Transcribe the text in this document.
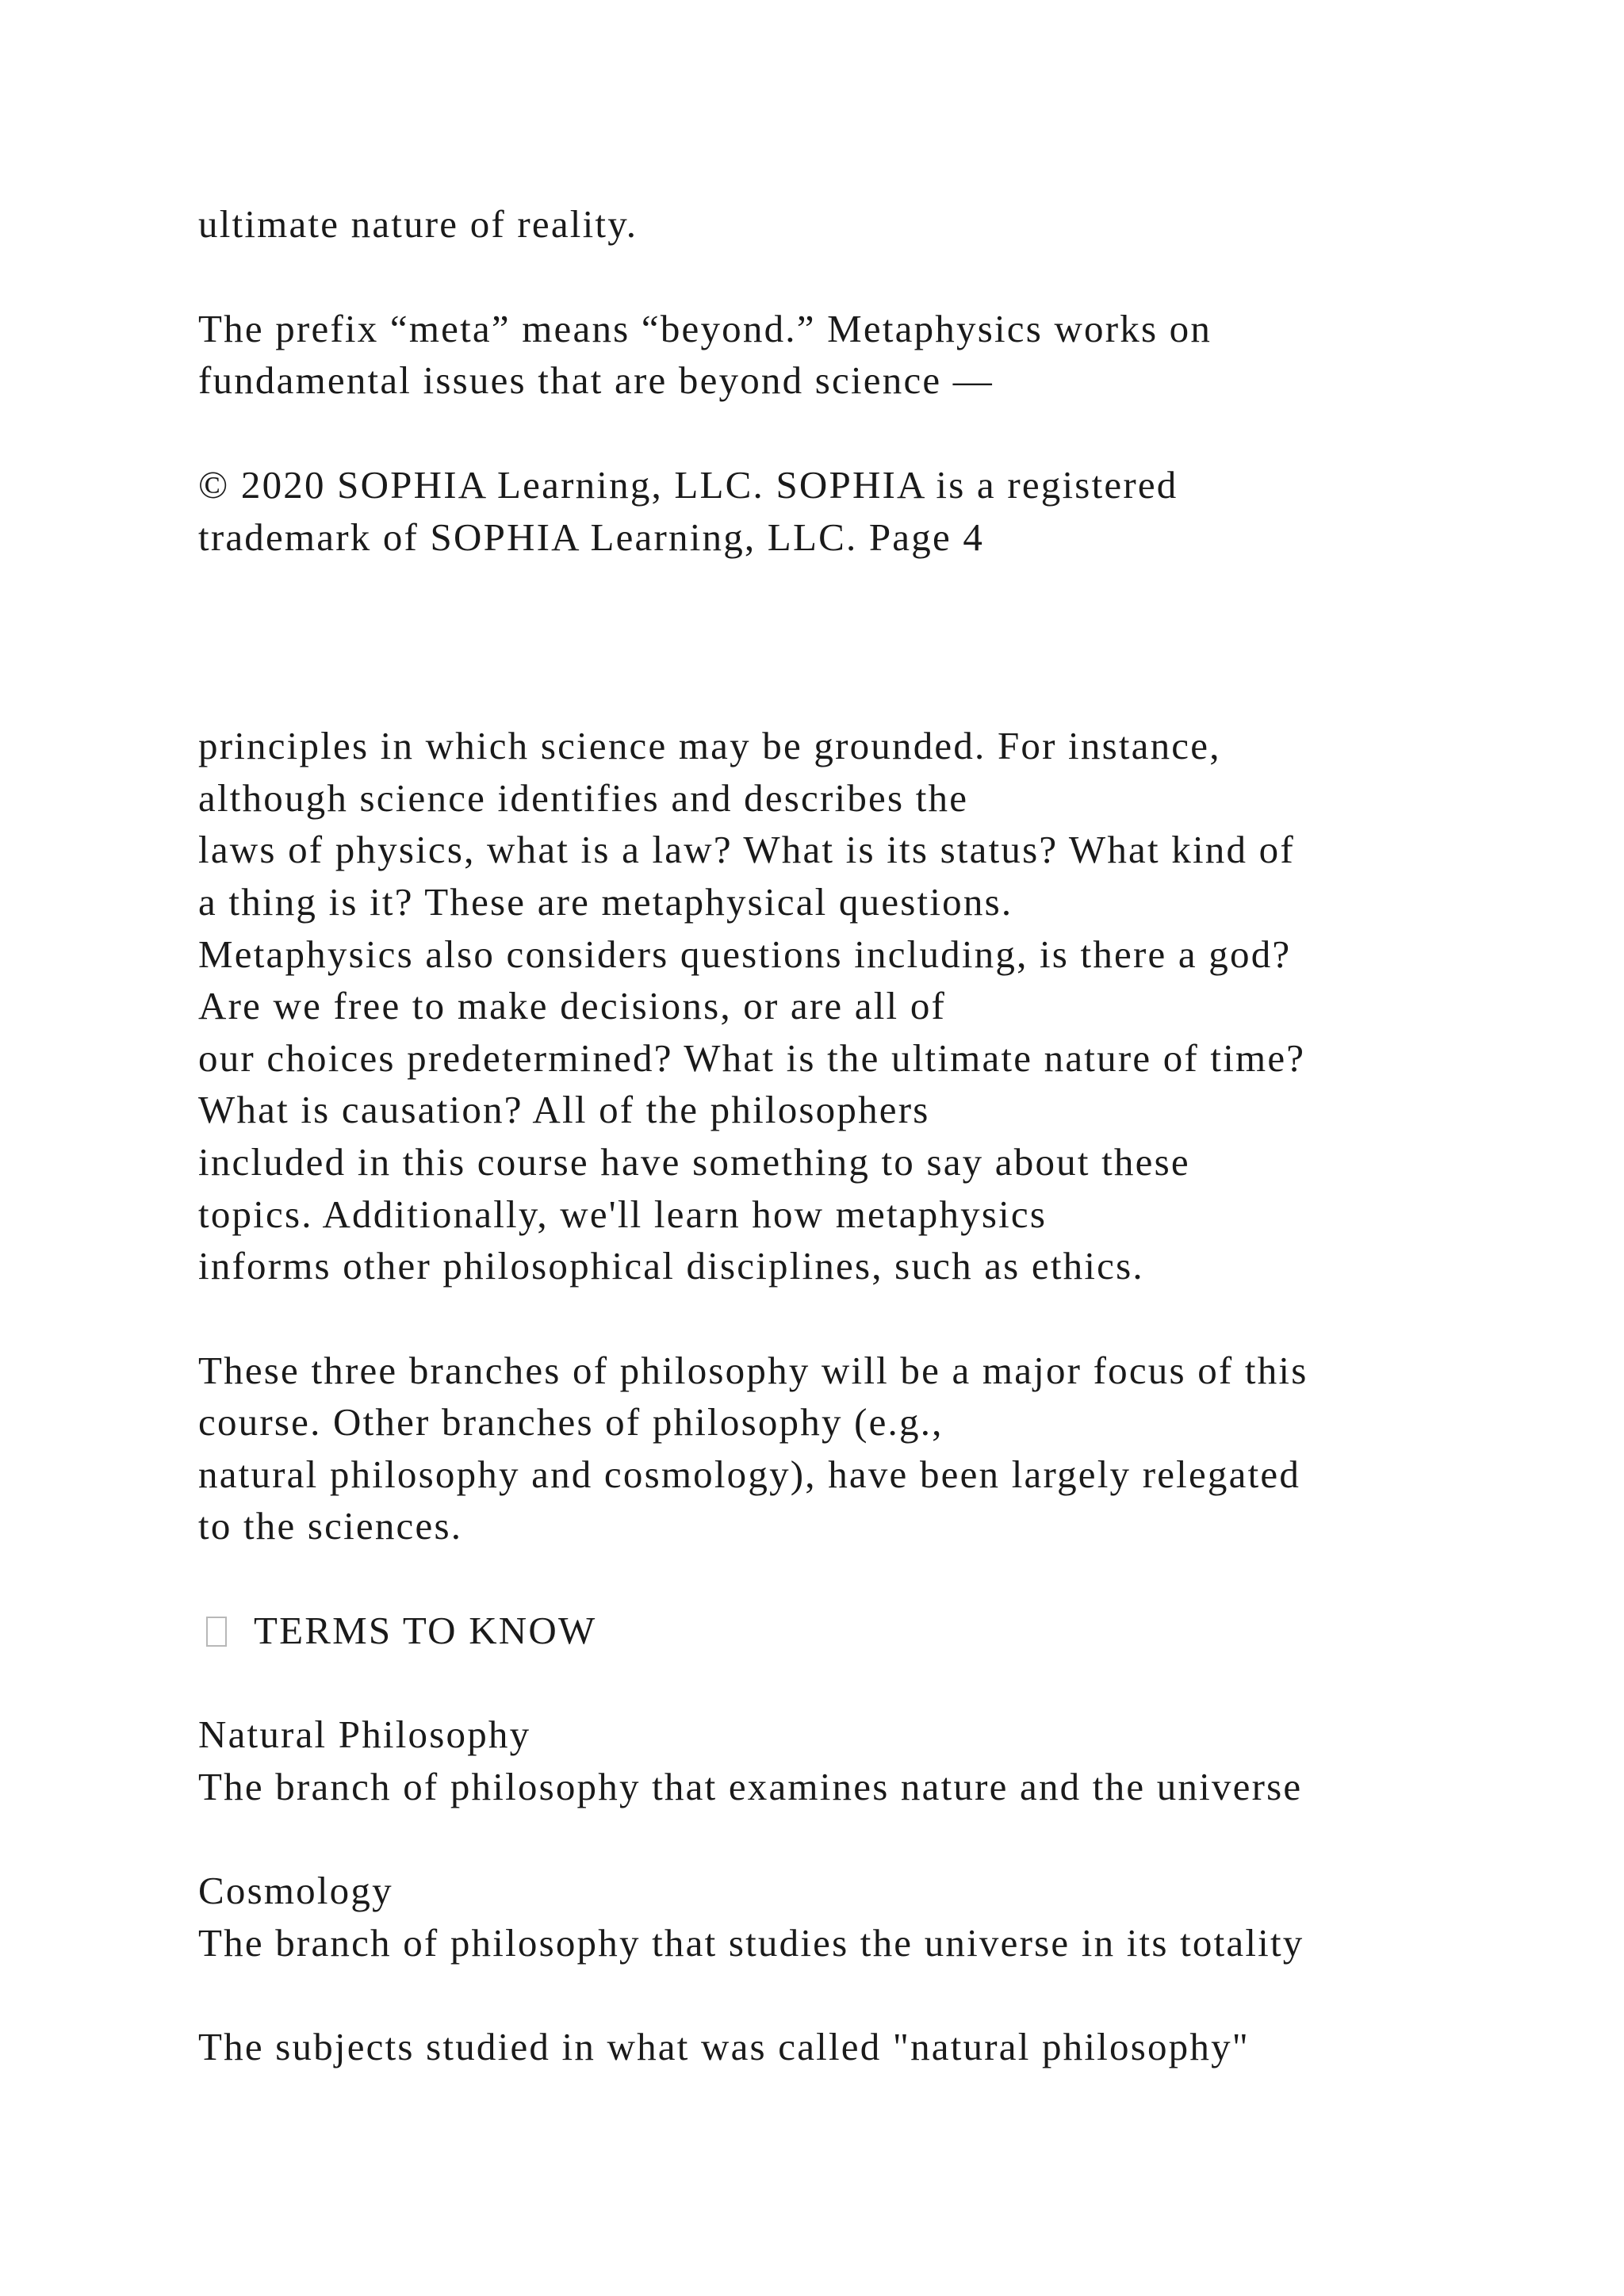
ultimate nature of reality.
The prefix “meta” means “beyond.” Metaphysics works on
fundamental issues that are beyond science —
© 2020 SOPHIA Learning, LLC. SOPHIA is a registered
trademark of SOPHIA Learning, LLC. Page 4
principles in which science may be grounded. For instance,
although science identifies and describes the
laws of physics, what is a law? What is its status? What kind of
a thing is it? These are metaphysical questions.
Metaphysics also considers questions including, is there a god?
Are we free to make decisions, or are all of
our choices predetermined? What is the ultimate nature of time?
What is causation? All of the philosophers
included in this course have something to say about these
topics. Additionally, we'll learn how metaphysics
informs other philosophical disciplines, such as ethics.
These three branches of philosophy will be a major focus of this
course. Other branches of philosophy (e.g.,
natural philosophy and cosmology), have been largely relegated
to the sciences.
TERMS TO KNOW
Natural Philosophy
The branch of philosophy that examines nature and the universe
Cosmology
The branch of philosophy that studies the universe in its totality
The subjects studied in what was called "natural philosophy"
